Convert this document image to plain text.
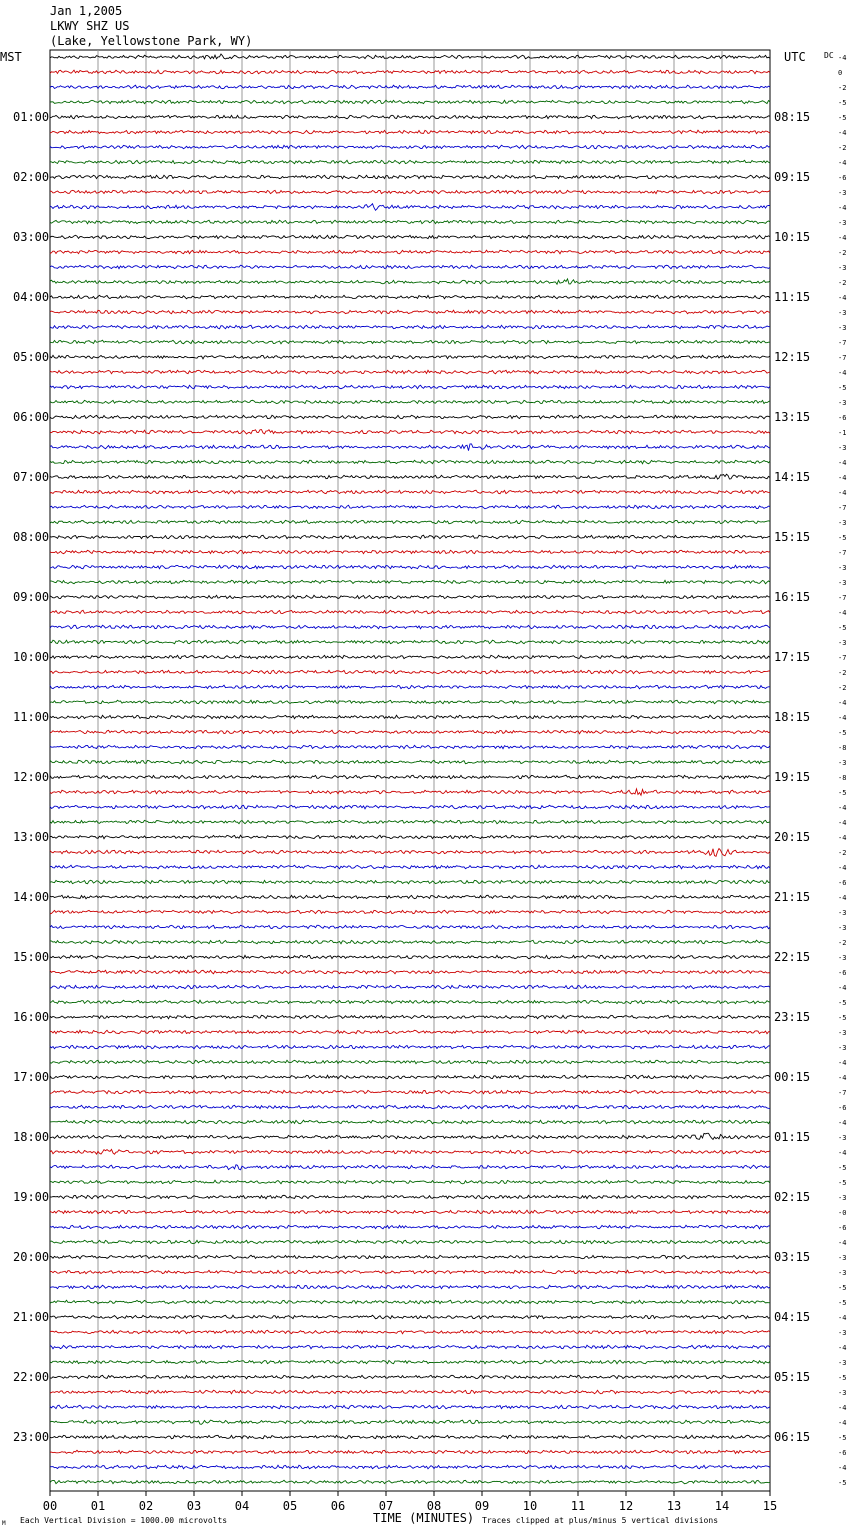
Jan 1,2005
LKWY SHZ US
(Lake, Yellowstone Park, WY)
MST	UTC DC
00	01	02	03	04	05	06	07	08	09	10	11	12	13	14	15
-4
0
-2
-5
-5
-4
-2
-4
-6
-3
-4
-3
-4
-2
-3
-2
-4
-3
-3
-7
-7
-4
-5
-3
-6
-1
-3
-4
-4
-4
-7
-3
-5
-7
-3
-3
-7
-4
-5
-3
-7
-2
-2
-4
-4
-5
-8
-3
-8
-5
-4
-4
-4
-2
-4
-6
-4
-3
-3
-2
-3
-6
-4
-5
-5
-3
-3
-4
-4
-7
-6
-4
-3
-4
-5
-5
-3
-0
-6
-4
-3
-3
-5
-5
-4
-3
-4
-3
-5
-3
-4
-4
-5
-6
-4
-5
01:00
02:00
03:00
04:00
05:00
06:00
07:00
08:00
09:00
10:00
11:00
12:00
13:00
14:00
15:00
16:00
17:00
18:00
19:00
20:00
21:00
22:00
23:00
08:15
09:15
10:15
11:15
12:15
13:15
14:15
15:15
16:15
17:15
18:15
19:15
20:15
21:15
22:15
23:15
00:15
01:15
02:15
03:15
04:15
05:15
06:15
TIME (MINUTES)
Each Vertical Division = 1000.00 microvolts	Traces clipped at plus/minus 5 vertical divisions
M
